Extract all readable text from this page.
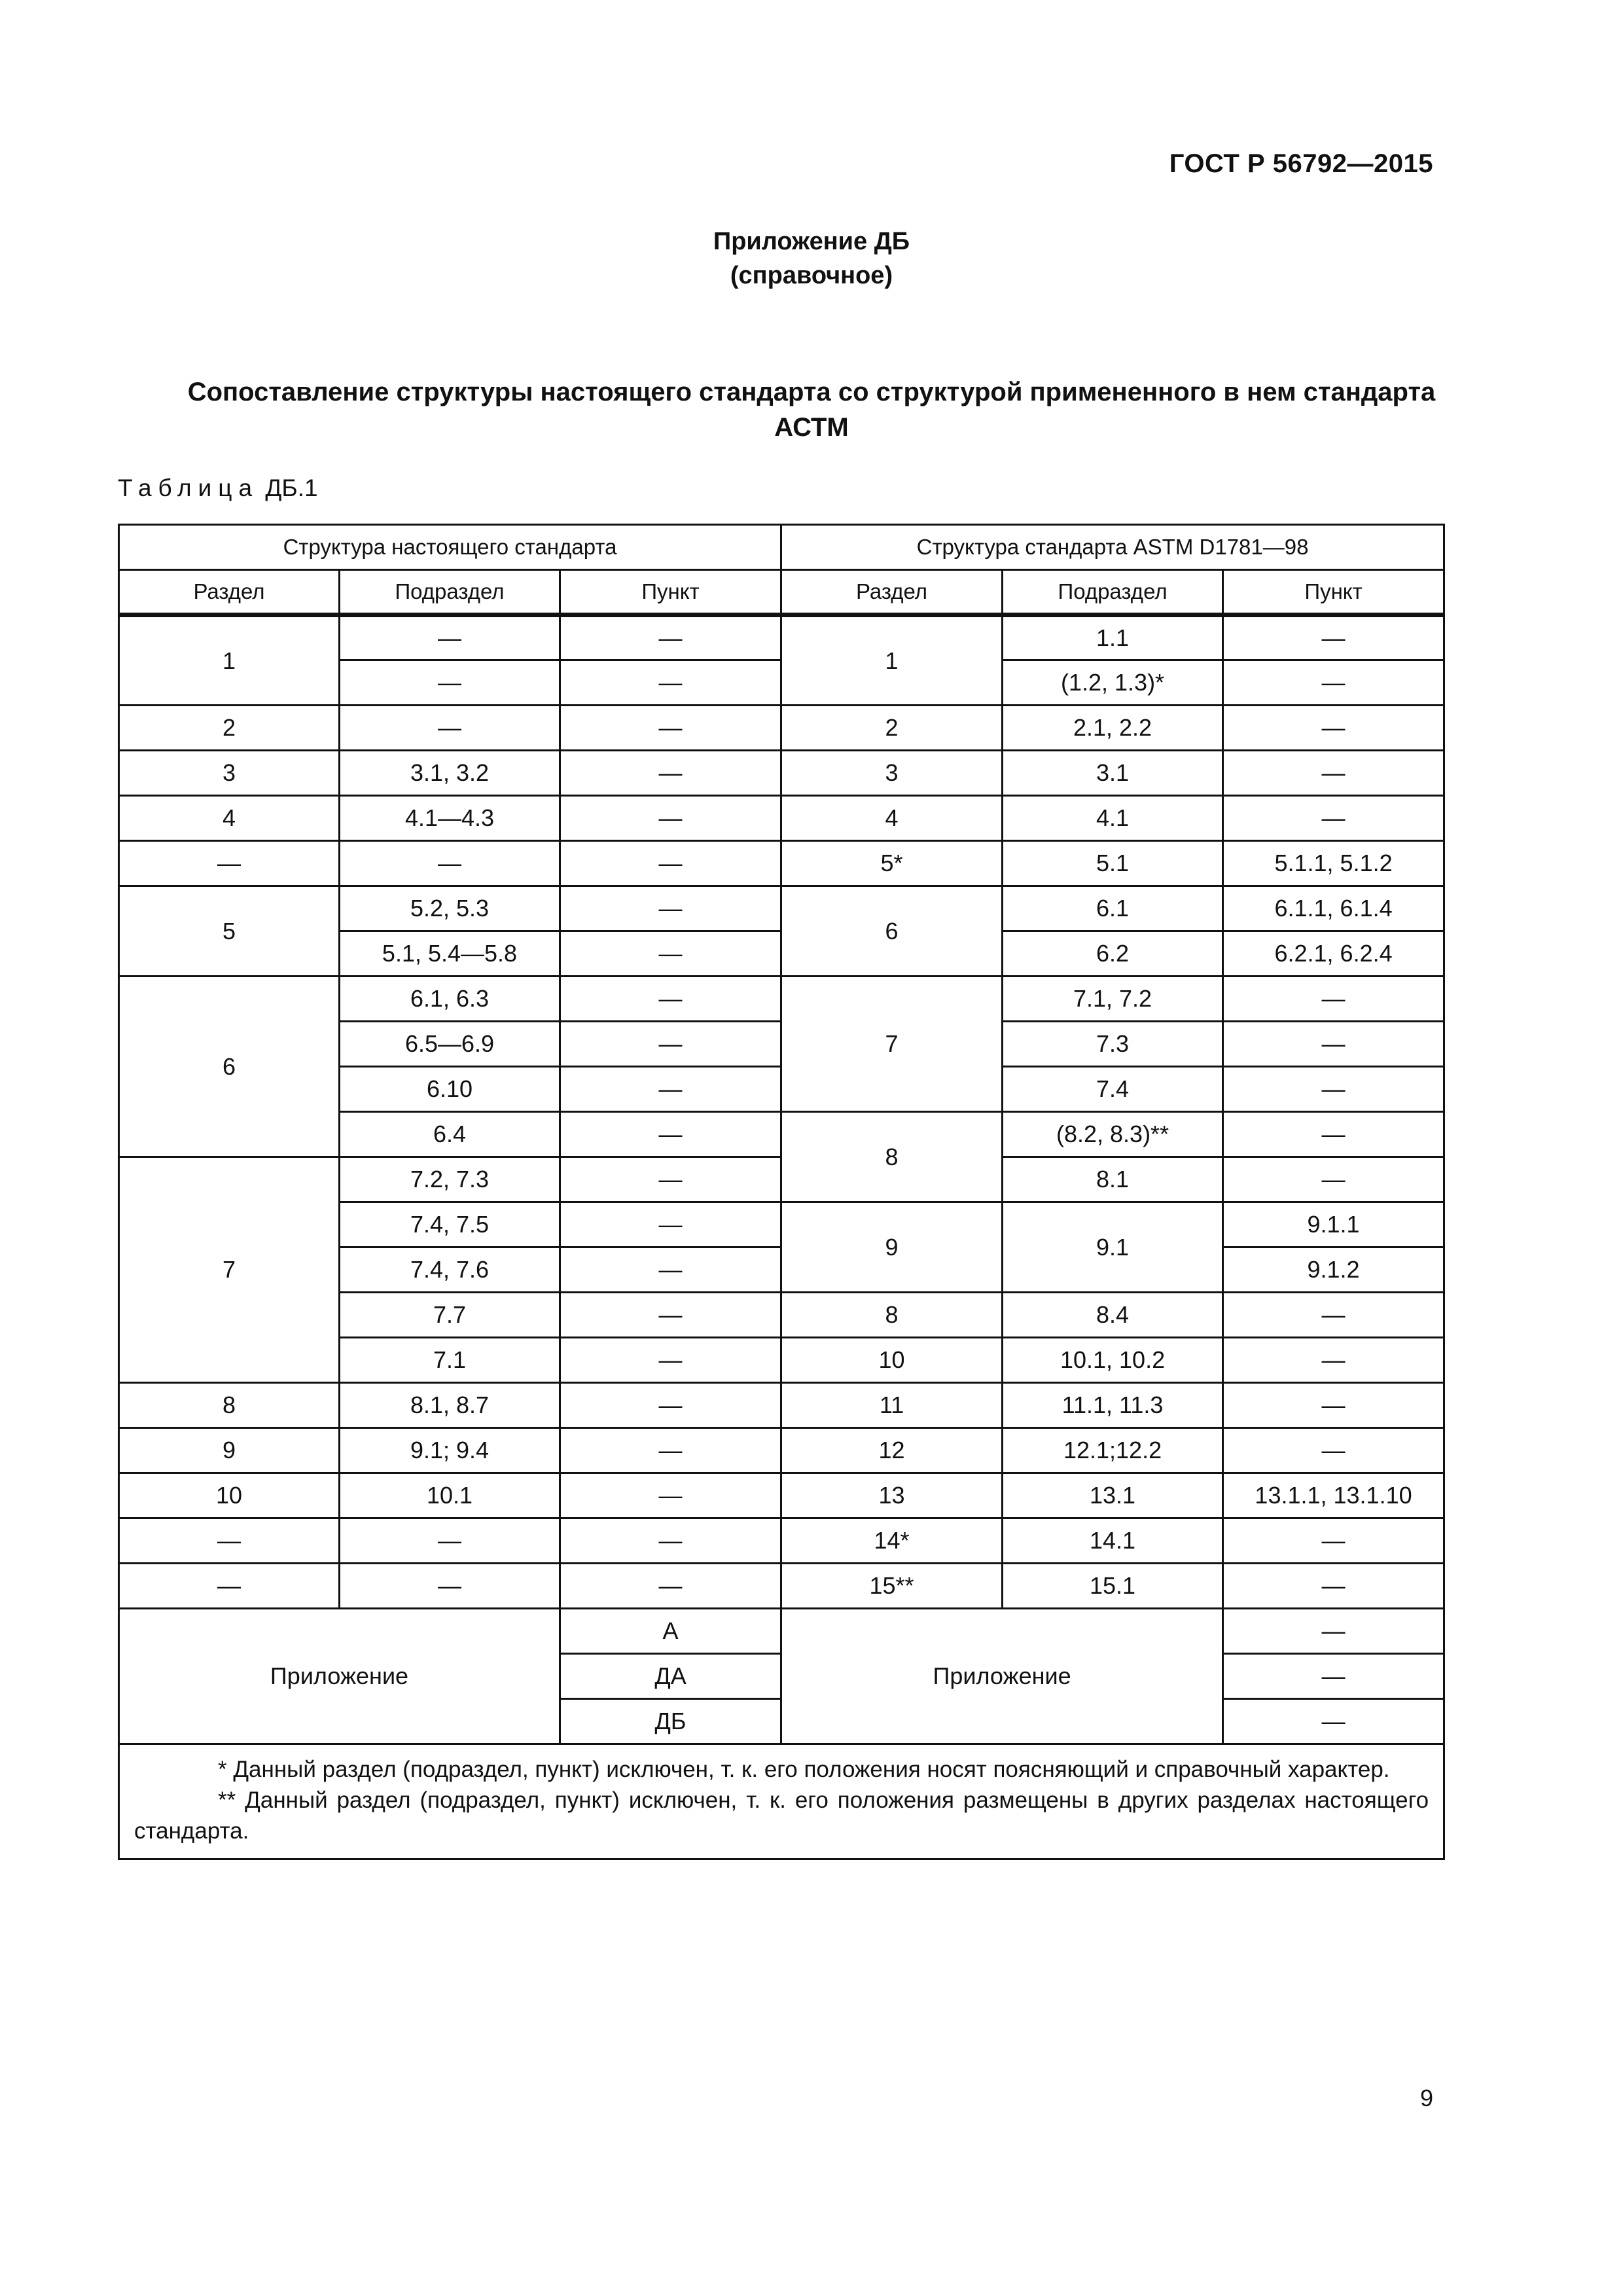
ГОСТ Р 56792—2015
Приложение ДБ
(справочное)
Сопоставление структуры настоящего стандарта со структурой примененного в нем стандарта
АСТМ
Таблица ДБ.1
Структура настоящего стандарта			Структура стандарта ASTM D1781—98		
Раздел	Подраздел	Пункт	Раздел	Подраздел	Пункт
1	—	—	1	1.1	—
	—	—		(1.2, 1.3)*	—
2	—	—	2	2.1, 2.2	—
3	3.1, 3.2	—	3	3.1	—
4	4.1—4.3	—	4	4.1	—
—	—	—	5*	5.1	5.1.1, 5.1.2
5	5.2, 5.3	—	6	6.1	6.1.1, 6.1.4
	5.1, 5.4—5.8	—		6.2	6.2.1, 6.2.4
6	6.1, 6.3	—	7	7.1, 7.2	—
	6.5—6.9	—		7.3	—
	6.10	—		7.4	—
	6.4	—	8	(8.2, 8.3)**	—
7	7.2, 7.3	—		8.1	—
	7.4, 7.5	—	9	9.1	9.1.1
	7.4, 7.6	—			9.1.2
	7.7	—	8	8.4	—
	7.1	—	10	10.1, 10.2	—
8	8.1, 8.7	—	11	11.1, 11.3	—
9	9.1; 9.4	—	12	12.1;12.2	—
10	10.1	—	13	13.1	13.1.1, 13.1.10
—	—	—	14*	14.1	—
—	—	—	15**	15.1	—
Приложение		А	Приложение		—
		ДА			—
		ДБ			—

* Данный раздел (подраздел, пункт) исключен, т. к. его положения носят поясняющий и справочный характер.
** Данный раздел (подраздел, пункт) исключен, т. к. его положения размещены в других разделах настоящего стандарта.					
9
